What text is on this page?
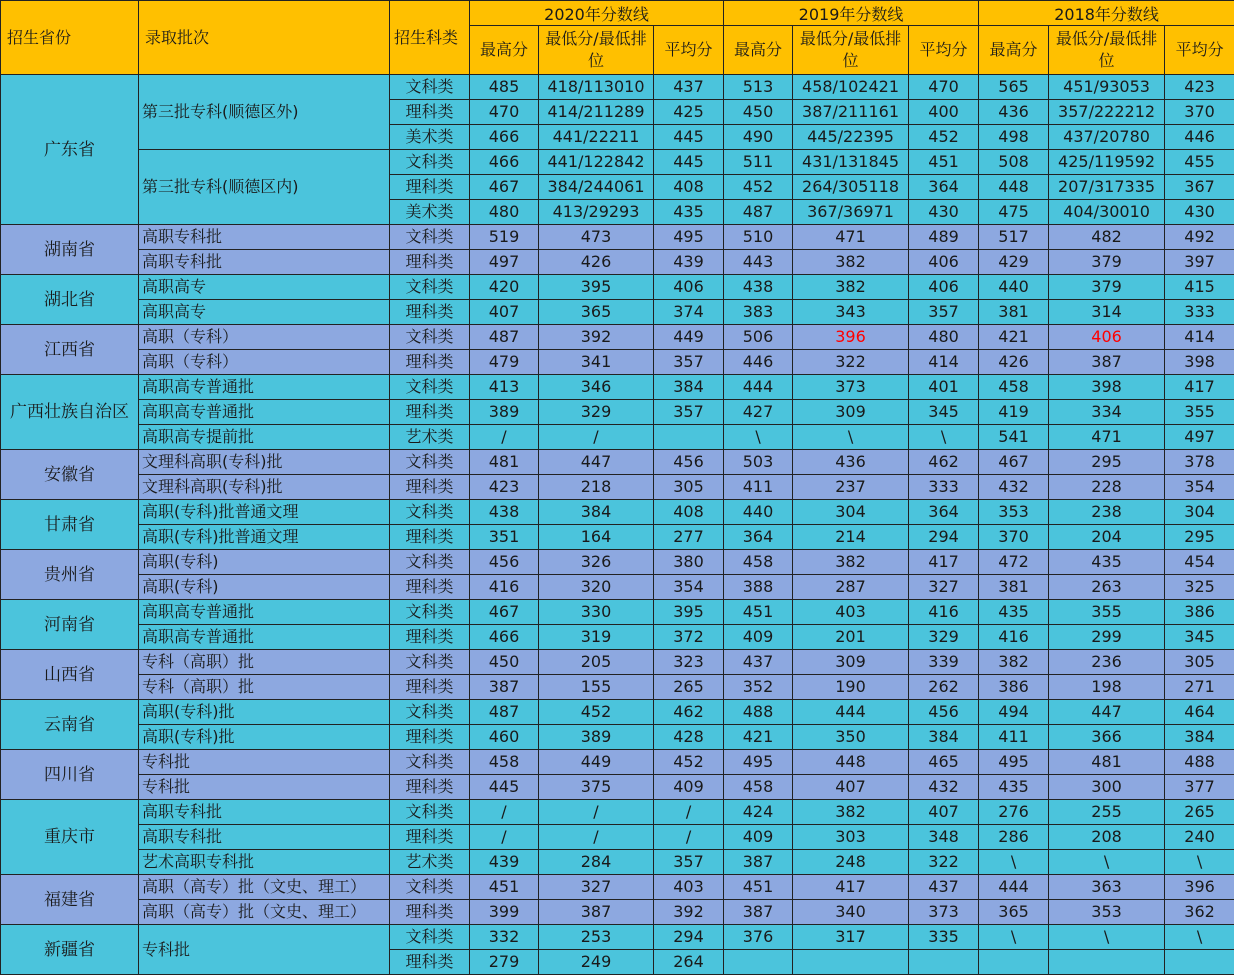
招生省份	录取批次	招生科类	2020年分数线			2019年分数线			2018年分数线		
			最高分	最低分/最低排位	平均分	最高分	最低分/最低排位	平均分	最高分	最低分/最低排位	平均分
广东省	第三批专科(顺德区外)	文科类	485	418/113010	437	513	458/102421	470	565	451/93053	423
		理科类	470	414/211289	425	450	387/211161	400	436	357/222212	370
		美术类	466	441/22211	445	490	445/22395	452	498	437/20780	446
	第三批专科(顺德区内)	文科类	466	441/122842	445	511	431/131845	451	508	425/119592	455
		理科类	467	384/244061	408	452	264/305118	364	448	207/317335	367
		美术类	480	413/29293	435	487	367/36971	430	475	404/30010	430
湖南省	高职专科批	文科类	519	473	495	510	471	489	517	482	492
	高职专科批	理科类	497	426	439	443	382	406	429	379	397
湖北省	高职高专	文科类	420	395	406	438	382	406	440	379	415
	高职高专	理科类	407	365	374	383	343	357	381	314	333
江西省	高职（专科）	文科类	487	392	449	506	396	480	421	406	414
	高职（专科）	理科类	479	341	357	446	322	414	426	387	398
广西壮族自治区	高职高专普通批	文科类	413	346	384	444	373	401	458	398	417
	高职高专普通批	理科类	389	329	357	427	309	345	419	334	355
	高职高专提前批	艺术类	/	/		\	\	\	541	471	497
安徽省	文理科高职(专科)批	文科类	481	447	456	503	436	462	467	295	378
	文理科高职(专科)批	理科类	423	218	305	411	237	333	432	228	354
甘肃省	高职(专科)批普通文理	文科类	438	384	408	440	304	364	353	238	304
	高职(专科)批普通文理	理科类	351	164	277	364	214	294	370	204	295
贵州省	高职(专科)	文科类	456	326	380	458	382	417	472	435	454
	高职(专科)	理科类	416	320	354	388	287	327	381	263	325
河南省	高职高专普通批	文科类	467	330	395	451	403	416	435	355	386
	高职高专普通批	理科类	466	319	372	409	201	329	416	299	345
山西省	专科（高职）批	文科类	450	205	323	437	309	339	382	236	305
	专科（高职）批	理科类	387	155	265	352	190	262	386	198	271
云南省	高职(专科)批	文科类	487	452	462	488	444	456	494	447	464
	高职(专科)批	理科类	460	389	428	421	350	384	411	366	384
四川省	专科批	文科类	458	449	452	495	448	465	495	481	488
	专科批	理科类	445	375	409	458	407	432	435	300	377
重庆市	高职专科批	文科类	/	/	/	424	382	407	276	255	265
	高职专科批	理科类	/	/	/	409	303	348	286	208	240
	艺术高职专科批	艺术类	439	284	357	387	248	322	\	\	\
福建省	高职（高专）批（文史、理工）	文科类	451	327	403	451	417	437	444	363	396
	高职（高专）批（文史、理工）	理科类	399	387	392	387	340	373	365	353	362
新疆省	专科批	文科类	332	253	294	376	317	335	\	\	\
		理科类	279	249	264						
